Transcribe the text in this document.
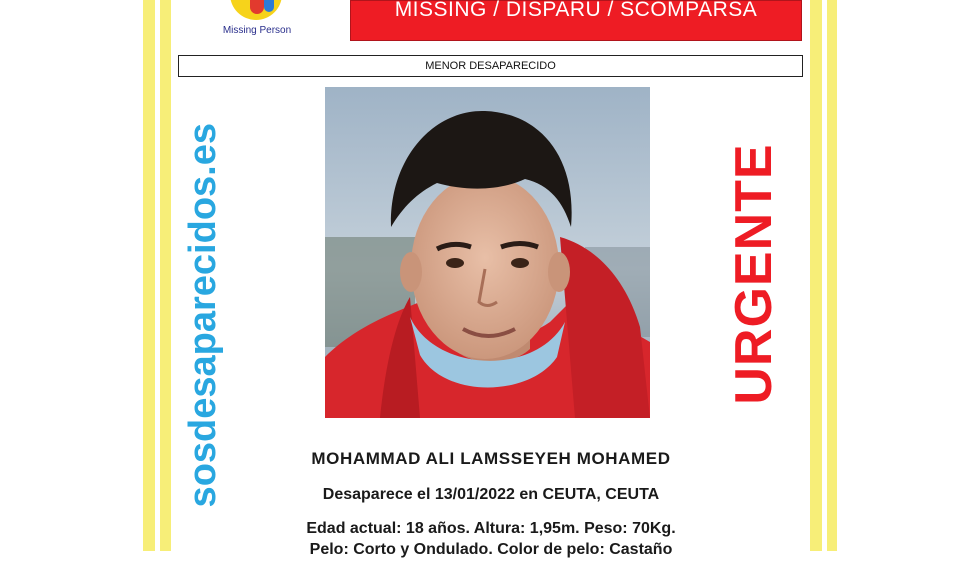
Missing Person
MISSING / DISPARU / SCOMPARSA
MENOR DESAPARECIDO
sosdesaparecidos.es	URGENTE
MOHAMMAD ALI LAMSSEYEH MOHAMED
Desaparece el 13/01/2022 en CEUTA, CEUTA
Edad actual: 18 años. Altura: 1,95m. Peso: 70Kg.
Pelo: Corto y Ondulado. Color de pelo: Castaño
